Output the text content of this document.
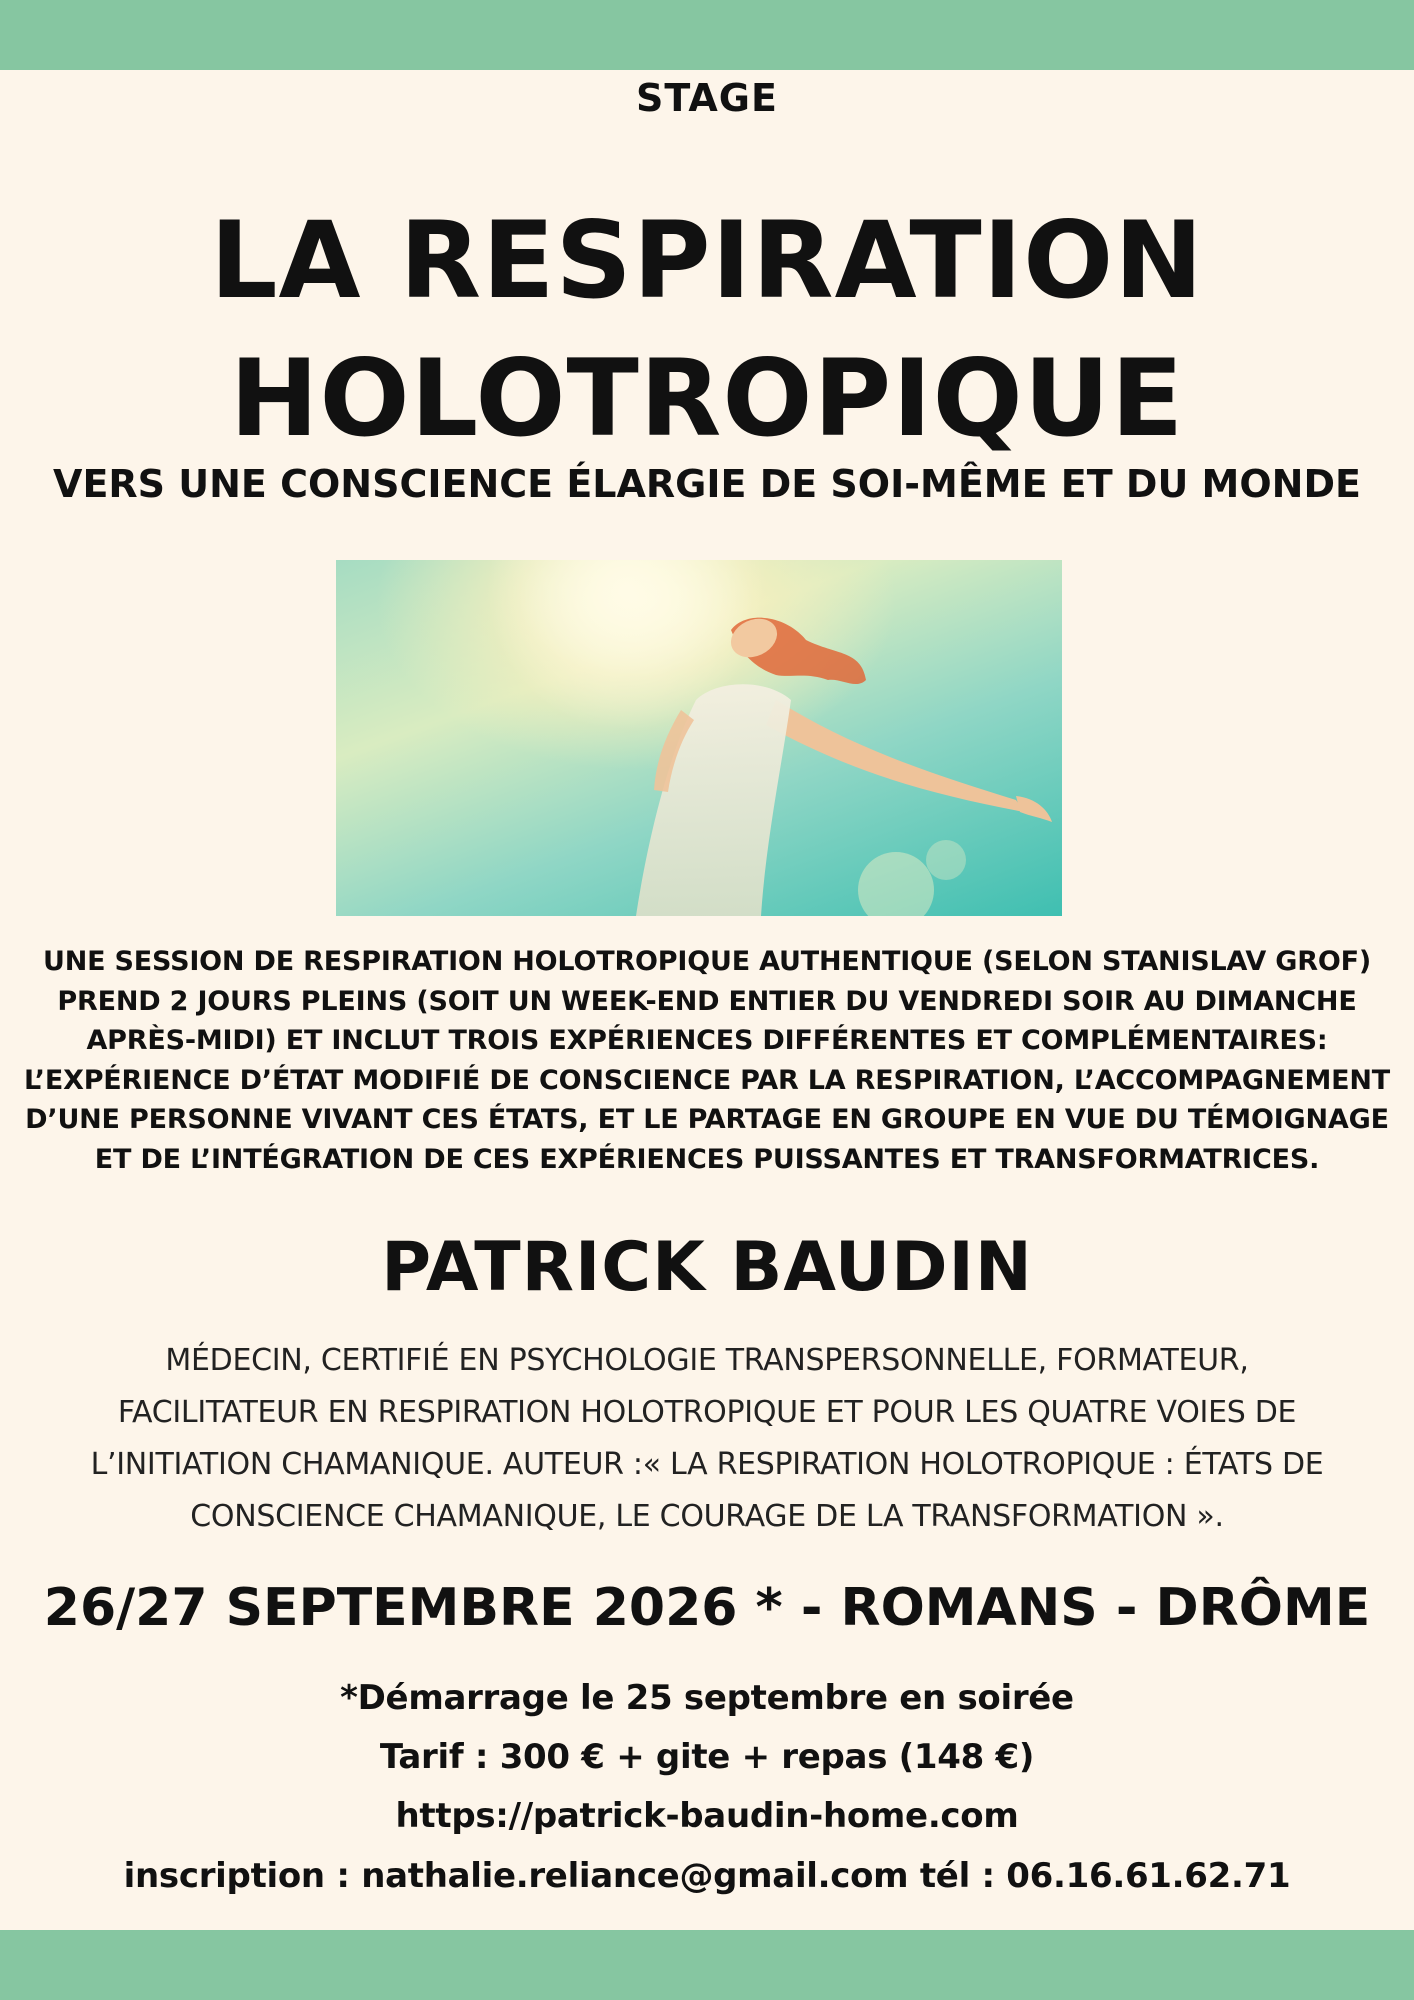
STAGE

LA RESPIRATION
HOLOTROPIQUE
VERS UNE CONSCIENCE ÉLARGIE DE SOI-MÊME ET DU MONDE

UNE SESSION DE RESPIRATION HOLOTROPIQUE AUTHENTIQUE (SELON STANISLAV GROF)
PREND 2 JOURS PLEINS (SOIT UN WEEK-END ENTIER DU VENDREDI SOIR AU DIMANCHE
APRÈS-MIDI) ET INCLUT TROIS EXPÉRIENCES DIFFÉRENTES ET COMPLÉMENTAIRES:
L’EXPÉRIENCE D’ÉTAT MODIFIÉ DE CONSCIENCE PAR LA RESPIRATION, L’ACCOMPAGNEMENT
D’UNE PERSONNE VIVANT CES ÉTATS, ET LE PARTAGE EN GROUPE EN VUE DU TÉMOIGNAGE
ET DE L’INTÉGRATION DE CES EXPÉRIENCES PUISSANTES ET TRANSFORMATRICES.

PATRICK BAUDIN

MÉDECIN, CERTIFIÉ EN PSYCHOLOGIE TRANSPERSONNELLE, FORMATEUR,
FACILITATEUR EN RESPIRATION HOLOTROPIQUE ET POUR LES QUATRE VOIES DE
L’INITIATION CHAMANIQUE. AUTEUR :« LA RESPIRATION HOLOTROPIQUE : ÉTATS DE
CONSCIENCE CHAMANIQUE, LE COURAGE DE LA TRANSFORMATION ».

26/27 SEPTEMBRE 2026 * - ROMANS - DRÔME

*Démarrage le 25 septembre en soirée

Tarif : 300 € + gite + repas (148 €)

https://patrick-baudin-home.com

inscription : nathalie.reliance@gmail.com tél : 06.16.61.62.71
